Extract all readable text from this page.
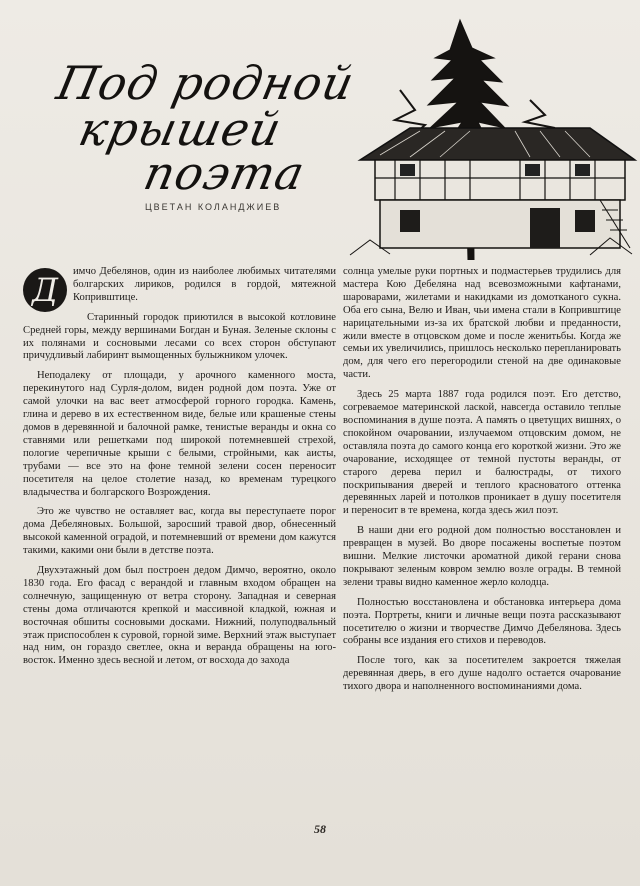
Под родной
крышей
поэта
ЦВЕТАН КОЛАНДЖИЕВ

Д	имчо Дебелянов, один из наиболее любимых читателями болгарских лириков, родился в гордой, мятежной Копривштице.

Старинный городок приютился в высокой котловине Средней горы, между вершинами Богдан и Буная. Зеленые склоны с их полянами и сосновыми лесами со всех сторон обступают причудливый лабиринт вымощенных булыжником улочек.

Неподалеку от площади, у арочного каменного моста, перекинутого над Сурля-долом, виден родной дом поэта. Уже от самой улочки на вас веет атмосферой горного городка. Камень, глина и дерево в их естественном виде, белые или крашеные стены домов в деревянной и балочной рамке, тенистые веранды и окна со ставнями или решетками под широкой потемневшей стрехой, пологие черепичные крыши с белыми, стройными, как аисты, трубами — все это на фоне темной зелени сосен переносит посетителя на целое столетие назад, ко временам турецкого владычества и болгарского Возрождения.

Это же чувство не оставляет вас, когда вы переступаете порог дома Дебеляновых. Большой, заросший травой двор, обнесенный высокой каменной оградой, и потемневший от времени дом кажутся такими, какими они были в детстве поэта.

Двухэтажный дом был построен дедом Димчо, вероятно, около 1830 года. Его фасад с верандой и главным входом обращен на солнечную, защищенную от ветра сторону. Западная и северная стены дома отличаются крепкой и массивной кладкой, южная и восточная обшиты сосновыми досками. Нижний, полуподвальный этаж приспособлен к суровой, горной зиме. Верхний этаж выступает над ним, он гораздо светлее, окна и веранда обращены на юго-восток. Именно здесь весной и летом, от восхода до захода

солнца умелые руки портных и подмастерьев трудились для мастера Кою Дебеляна над всевозможными кафтанами, шароварами, жилетами и накидками из домотканого сукна. Оба его сына, Велю и Иван, чьи имена стали в Копривштице нарицательными из-за их братской любви и преданности, жили вместе в отцовском доме и после женитьбы. Когда же семьи их увеличились, пришлось несколько перепланировать дом, для чего его перегородили стеной на две одинаковые части.

Здесь 25 марта 1887 года родился поэт. Его детство, согреваемое материнской лаской, навсегда оставило теплые воспоминания в душе поэта. А память о цветущих вишнях, о спокойном очаровании, излучаемом отцовским домом, не оставляла поэта до самого конца его короткой жизни. Это же очарование, исходящее от темной пустоты веранды, от старого дерева перил и балюстрады, от тихого поскрипывания дверей и теплого красноватого оттенка деревянных ларей и потолков проникает в душу посетителя и переносит в те времена, когда здесь жил поэт.

В наши дни его родной дом полностью восстановлен и превращен в музей. Во дворе посажены воспетые поэтом вишни. Мелкие листочки ароматной дикой герани снова покрывают зеленым ковром землю возле ограды. В темной зелени травы видно каменное жерло колодца.

Полностью восстановлена и обстановка интерьера дома поэта. Портреты, книги и личные вещи поэта рассказывают посетителю о жизни и творчестве Димчо Дебелянова. Здесь собраны все издания его стихов и переводов.

После того, как за посетителем закроется тяжелая деревянная дверь, в его душе надолго остается очарование тихого двора и наполненного воспоминаниями дома.

58
